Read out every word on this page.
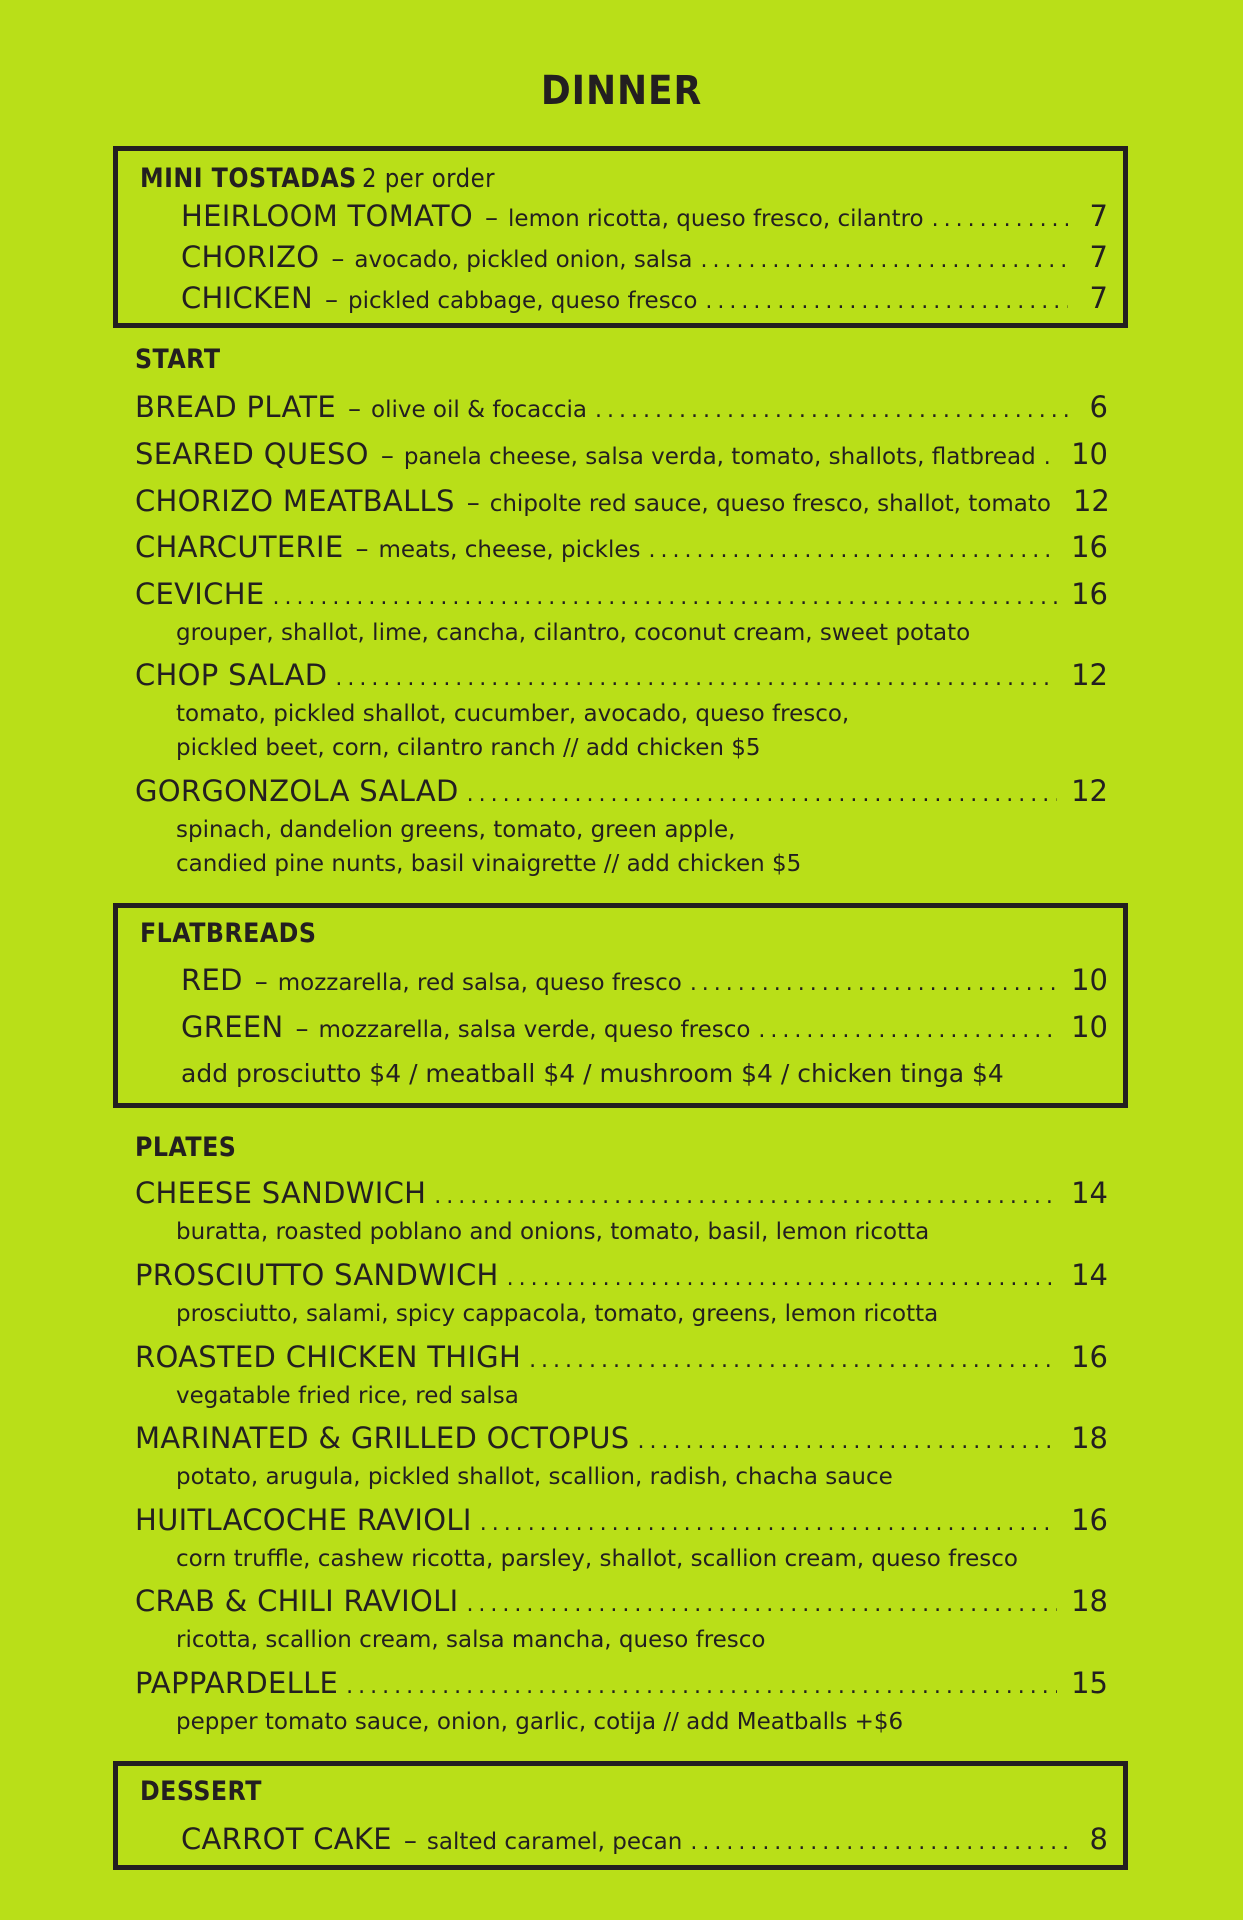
DINNER
MINI TOSTADAS 2 per order
HEIRLOOM TOMATO – lemon ricotta, queso fresco, cilantro .....	7
CHORIZO – avocado, pickled onion, salsa .....	7
CHICKEN – pickled cabbage, queso fresco .....	7
START
BREAD PLATE – olive oil & focaccia .....	6
SEARED QUESO – panela cheese, salsa verda, tomato, shallots, flatbread ..... 10
CHORIZO MEATBALLS – chipolte red sauce, queso fresco, shallot, tomato 12
CHARCUTERIE – meats, cheese, pickles .....	16
CEVICHE .....	16
grouper, shallot, lime, cancha, cilantro, coconut cream, sweet potato
CHOP SALAD .....	12
tomato, pickled shallot, cucumber, avocado, queso fresco,
pickled beet, corn, cilantro ranch // add chicken $5
GORGONZOLA SALAD .....	12
spinach, dandelion greens, tomato, green apple,
candied pine nunts, basil vinaigrette // add chicken $5
FLATBREADS
RED – mozzarella, red salsa, queso fresco .....	10
GREEN – mozzarella, salsa verde, queso fresco .....	10
add prosciutto $4 / meatball $4 / mushroom $4 / chicken tinga $4
PLATES
CHEESE SANDWICH .....	14
buratta, roasted poblano and onions, tomato, basil, lemon ricotta
PROSCIUTTO SANDWICH .....	14
prosciutto, salami, spicy cappacola, tomato, greens, lemon ricotta
ROASTED CHICKEN THIGH .....	16
vegatable fried rice, red salsa
MARINATED & GRILLED OCTOPUS .....	18
potato, arugula, pickled shallot, scallion, radish, chacha sauce
HUITLACOCHE RAVIOLI .....	16
corn truffle, cashew ricotta, parsley, shallot, scallion cream, queso fresco
CRAB & CHILI RAVIOLI .....	18
ricotta, scallion cream, salsa mancha, queso fresco
PAPPARDELLE .....	15
pepper tomato sauce, onion, garlic, cotija // add Meatballs +$6
DESSERT
CARROT CAKE – salted caramel, pecan .....	8
